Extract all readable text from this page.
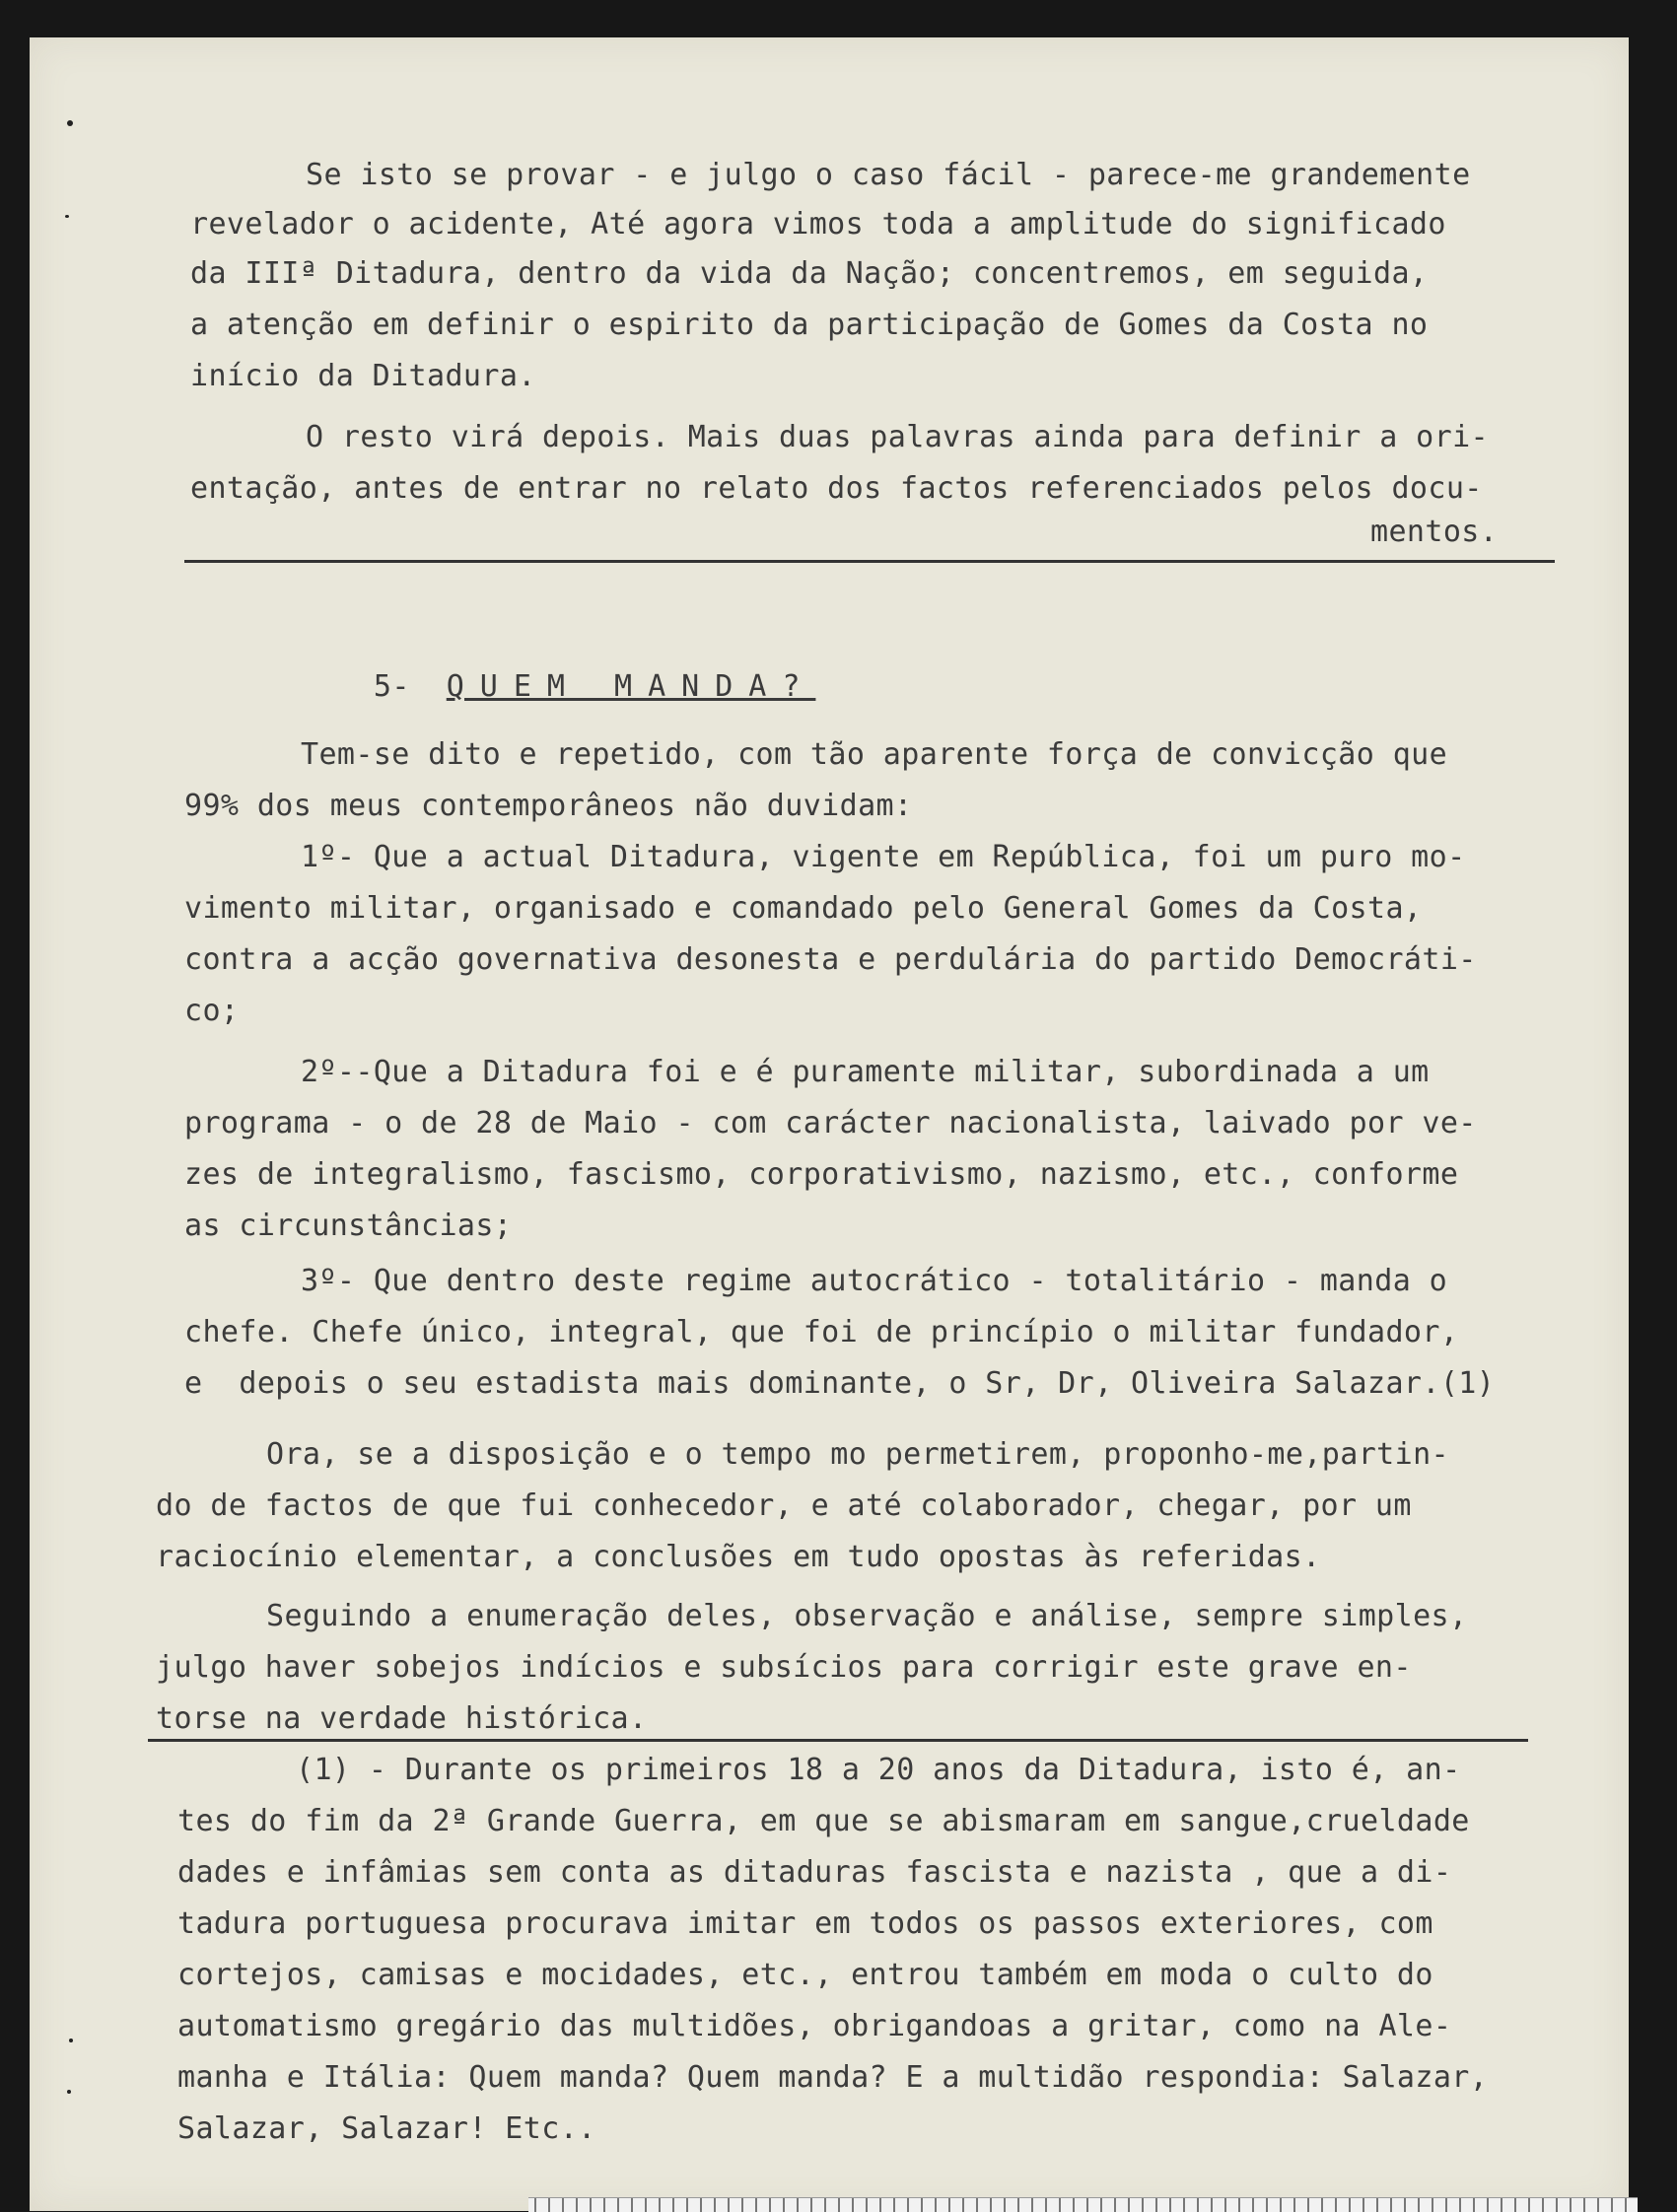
Se isto se provar - e julgo o caso fácil - parece-me grandemente
revelador o acidente, Até agora vimos toda a amplitude do significado
da IIIª Ditadura, dentro da vida da Nação; concentremos, em seguida,
a atenção em definir o espirito da participação de Gomes da Costa no
início da Ditadura.
O resto virá depois. Mais duas palavras ainda para definir a ori-
entação, antes de entrar no relato dos factos referenciados pelos docu-
mentos.

5- QUEM MANDA?

Tem-se dito e repetido, com tão aparente força de convicção que
99% dos meus contemporâneos não duvidam:
1º- Que a actual Ditadura, vigente em República, foi um puro mo-
vimento militar, organisado e comandado pelo General Gomes da Costa,
contra a acção governativa desonesta e perdulária do partido Democráti-
co;
2º--Que a Ditadura foi e é puramente militar, subordinada a um
programa - o de 28 de Maio - com carácter nacionalista, laivado por ve-
zes de integralismo, fascismo, corporativismo, nazismo, etc., conforme
as circunstâncias;
3º- Que dentro deste regime autocrático - totalitário - manda o
chefe. Chefe único, integral, que foi de princípio o militar fundador,
e  depois o seu estadista mais dominante, o Sr, Dr, Oliveira Salazar.(1)
Ora, se a disposição e o tempo mo permetirem, proponho-me,partin-
do de factos de que fui conhecedor, e até colaborador, chegar, por um
raciocínio elementar, a conclusões em tudo opostas às referidas.
Seguindo a enumeração deles, observação e análise, sempre simples,
julgo haver sobejos indícios e subsícios para corrigir este grave en-
torse na verdade histórica.
(1) - Durante os primeiros 18 a 20 anos da Ditadura, isto é, an-
tes do fim da 2ª Grande Guerra, em que se abismaram em sangue,crueldade
dades e infâmias sem conta as ditaduras fascista e nazista , que a di-
tadura portuguesa procurava imitar em todos os passos exteriores, com
cortejos, camisas e mocidades, etc., entrou também em moda o culto do
automatismo gregário das multidões, obrigandoas a gritar, como na Ale-
manha e Itália: Quem manda? Quem manda? E a multidão respondia: Salazar,
Salazar, Salazar! Etc..
